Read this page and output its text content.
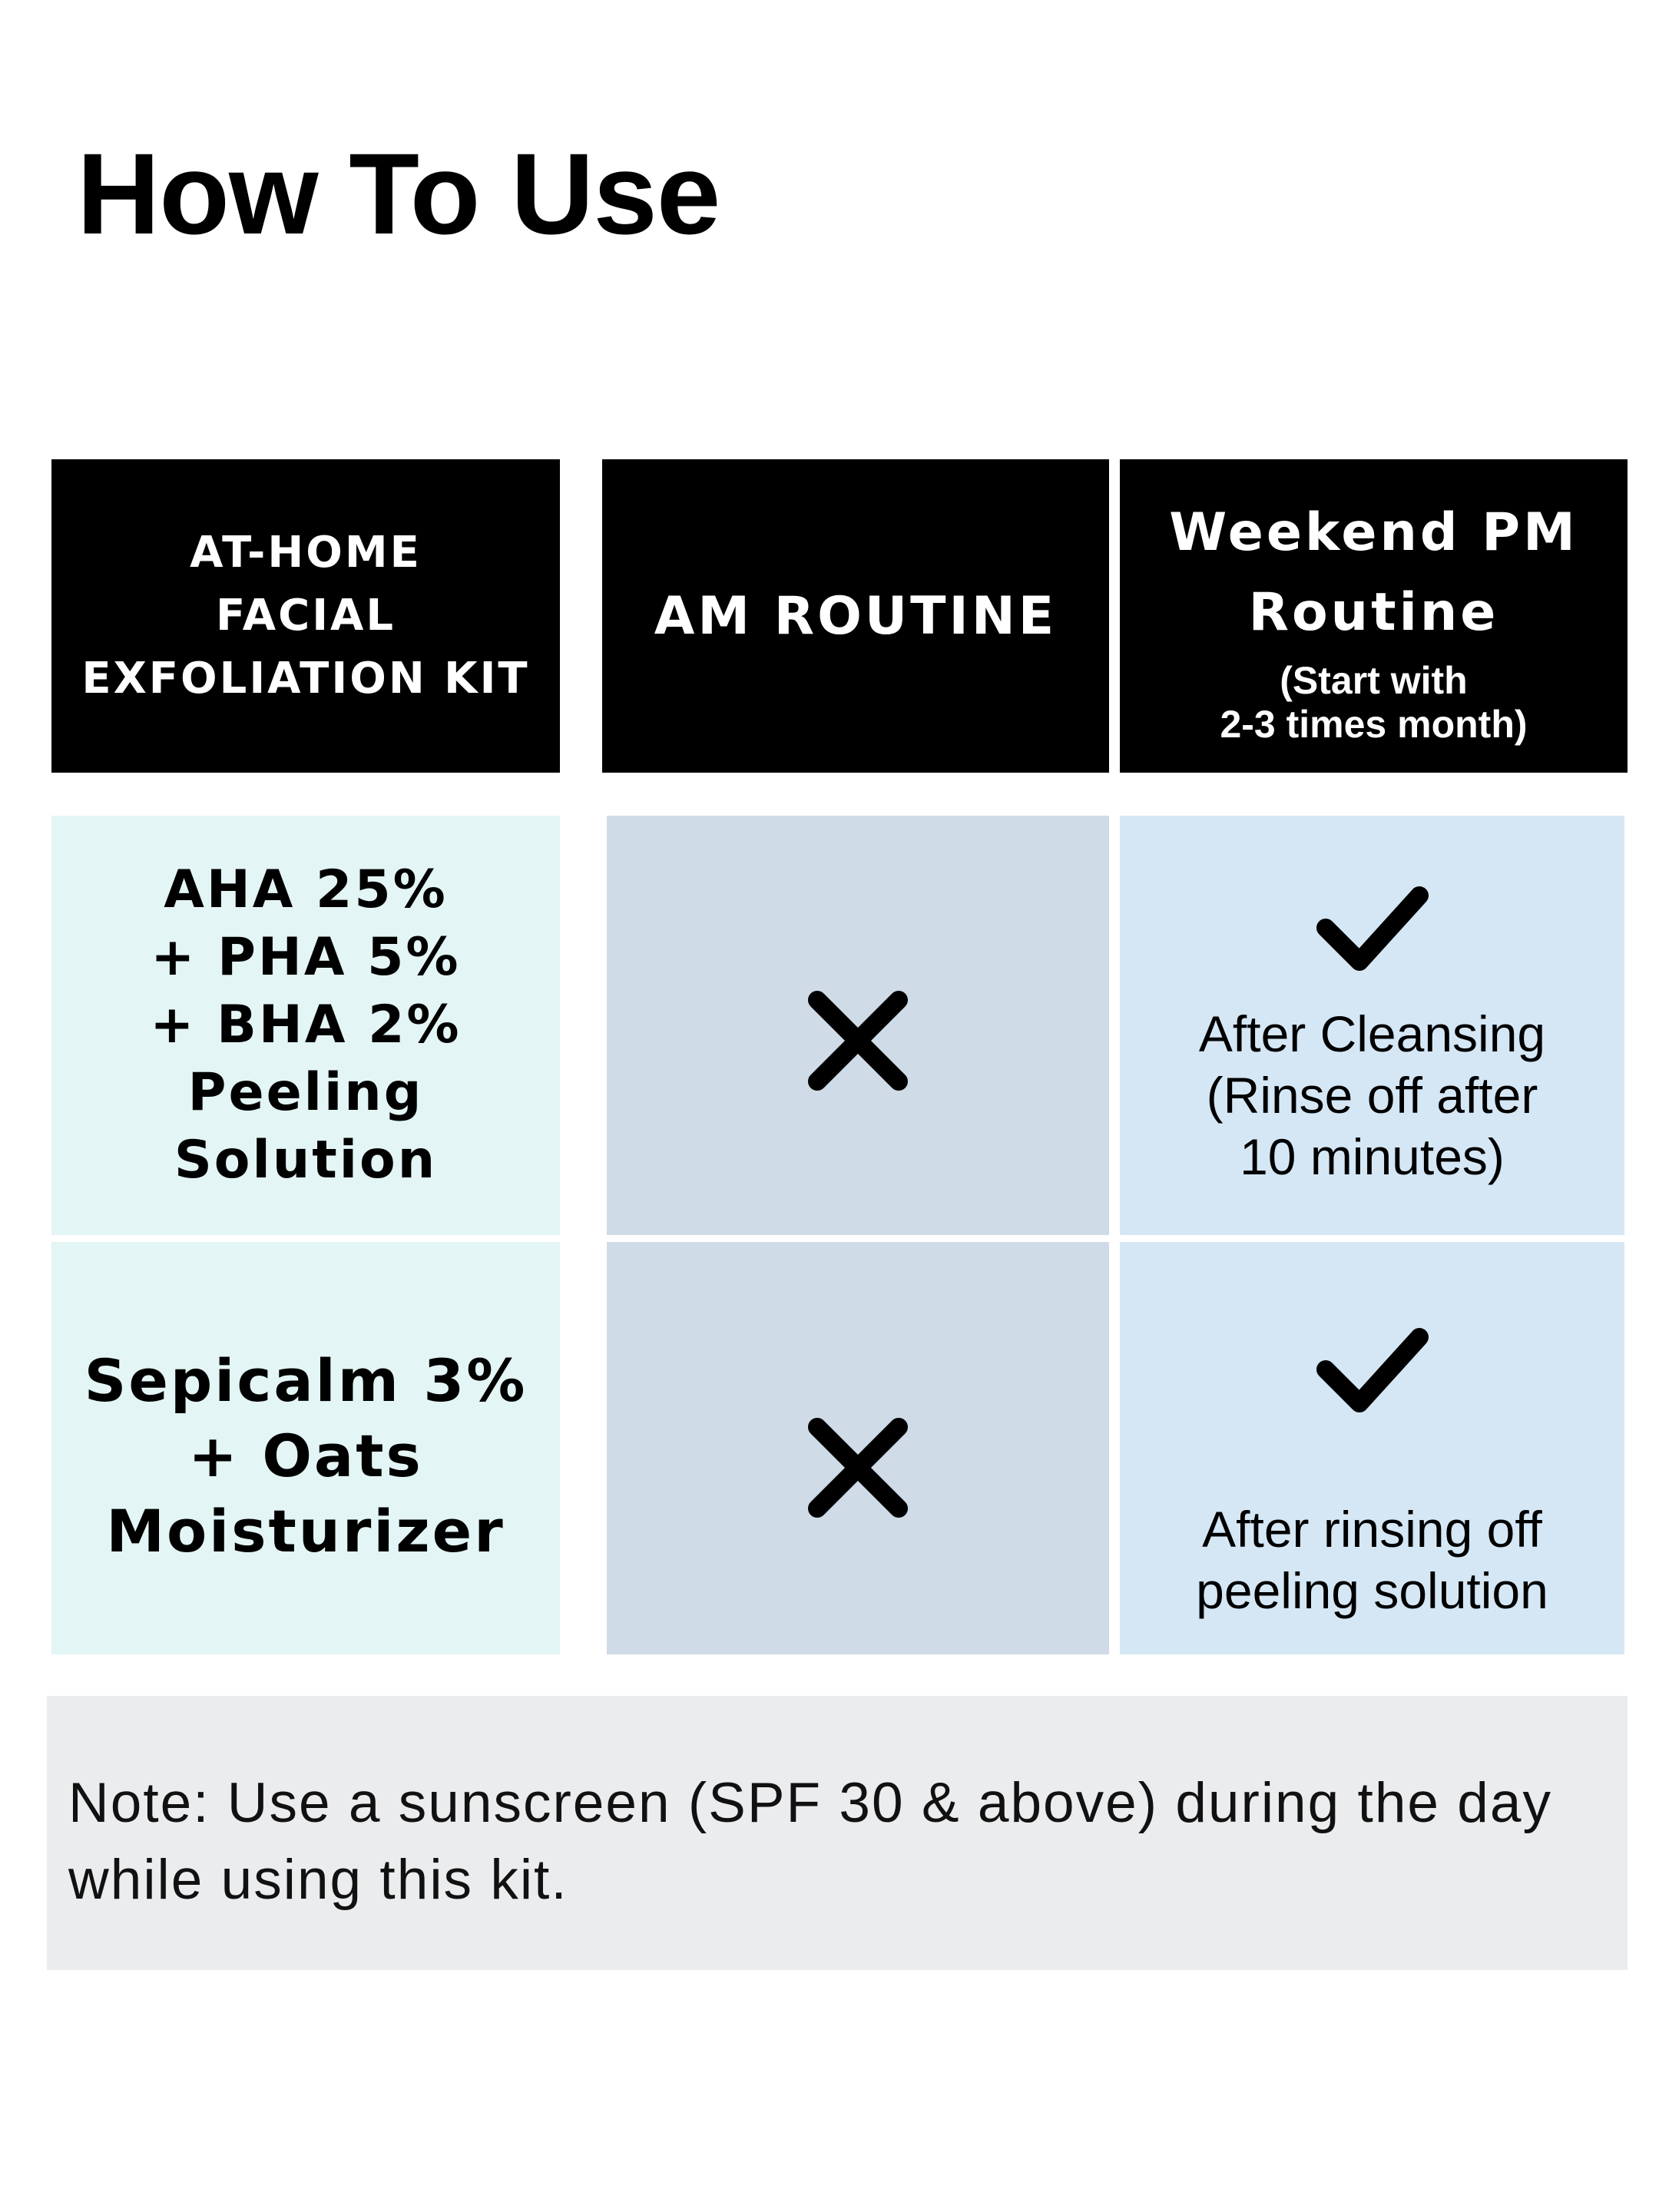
How To Use
AT-HOME
FACIAL
EXFOLIATION KIT
AM ROUTINE
Weekend PM
Routine
(Start with
2-3 times month)
AHA 25%
+ PHA 5%
+ BHA 2%
Peeling Solution
After Cleansing
(Rinse off after
10 minutes)
Sepicalm 3%
+ Oats
Moisturizer	After rinsing off
peeling solution
Note: Use a sunscreen (SPF 30 & above) during the day while using this kit.
